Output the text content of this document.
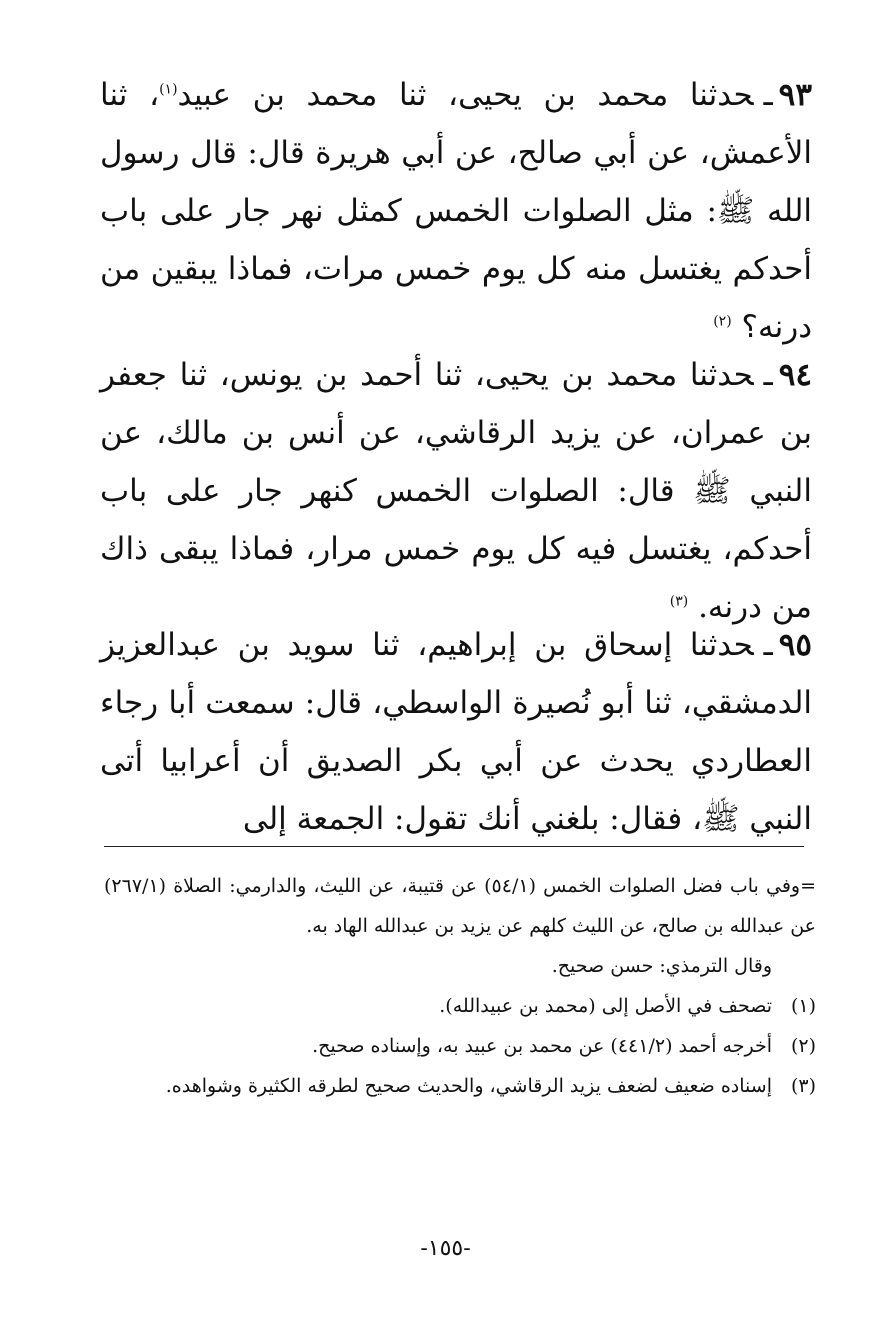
٩٣ـحدثنا محمد بن يحيى، ثنا محمد بن عبيد$^{(١)}$، ثنا الأعمش، عن أبي صالح، عن أبي هريرة قال: قال رسول الله ﷺ: مثل الصلوات الخمس كمثل نهر جار على باب أحدكم يغتسل منه كل يوم خمس مرات، فماذا يبقين من درنه؟ $^{(٢)}$
٩٤ـحدثنا محمد بن يحيى، ثنا أحمد بن يونس، ثنا جعفر بن عمران، عن يزيد الرقاشي، عن أنس بن مالك، عن النبي ﷺ قال: الصلوات الخمس كنهر جار على باب أحدكم، يغتسل فيه كل يوم خمس مرار، فماذا يبقى ذاك من درنه. $^{(٣)}$
٩٥ـحدثنا إسحاق بن إبراهيم، ثنا سويد بن عبدالعزيز الدمشقي، ثنا أبو نُصيرة الواسطي، قال: سمعت أبا رجاء العطاردي يحدث عن أبي بكر الصديق أن أعرابيا أتى النبي ﷺ، فقال: بلغني أنك تقول: الجمعة إلى
=وفي باب فضل الصلوات الخمس (٥٤/١) عن قتيبة، عن الليث، والدارمي: الصلاة (٢٦٧/١) عن عبدالله بن صالح، عن الليث كلهم عن يزيد بن عبدالله الهاد به.
وقال الترمذي: حسن صحيح.
(١)
تصحف في الأصل إلى (محمد بن عبيدالله).
(٢)
أخرجه أحمد (٤٤١/٢) عن محمد بن عبيد به، وإسناده صحيح.
(٣)
إسناده ضعيف لضعف يزيد الرقاشي، والحديث صحيح لطرقه الكثيرة وشواهده.
-١٥٥-
